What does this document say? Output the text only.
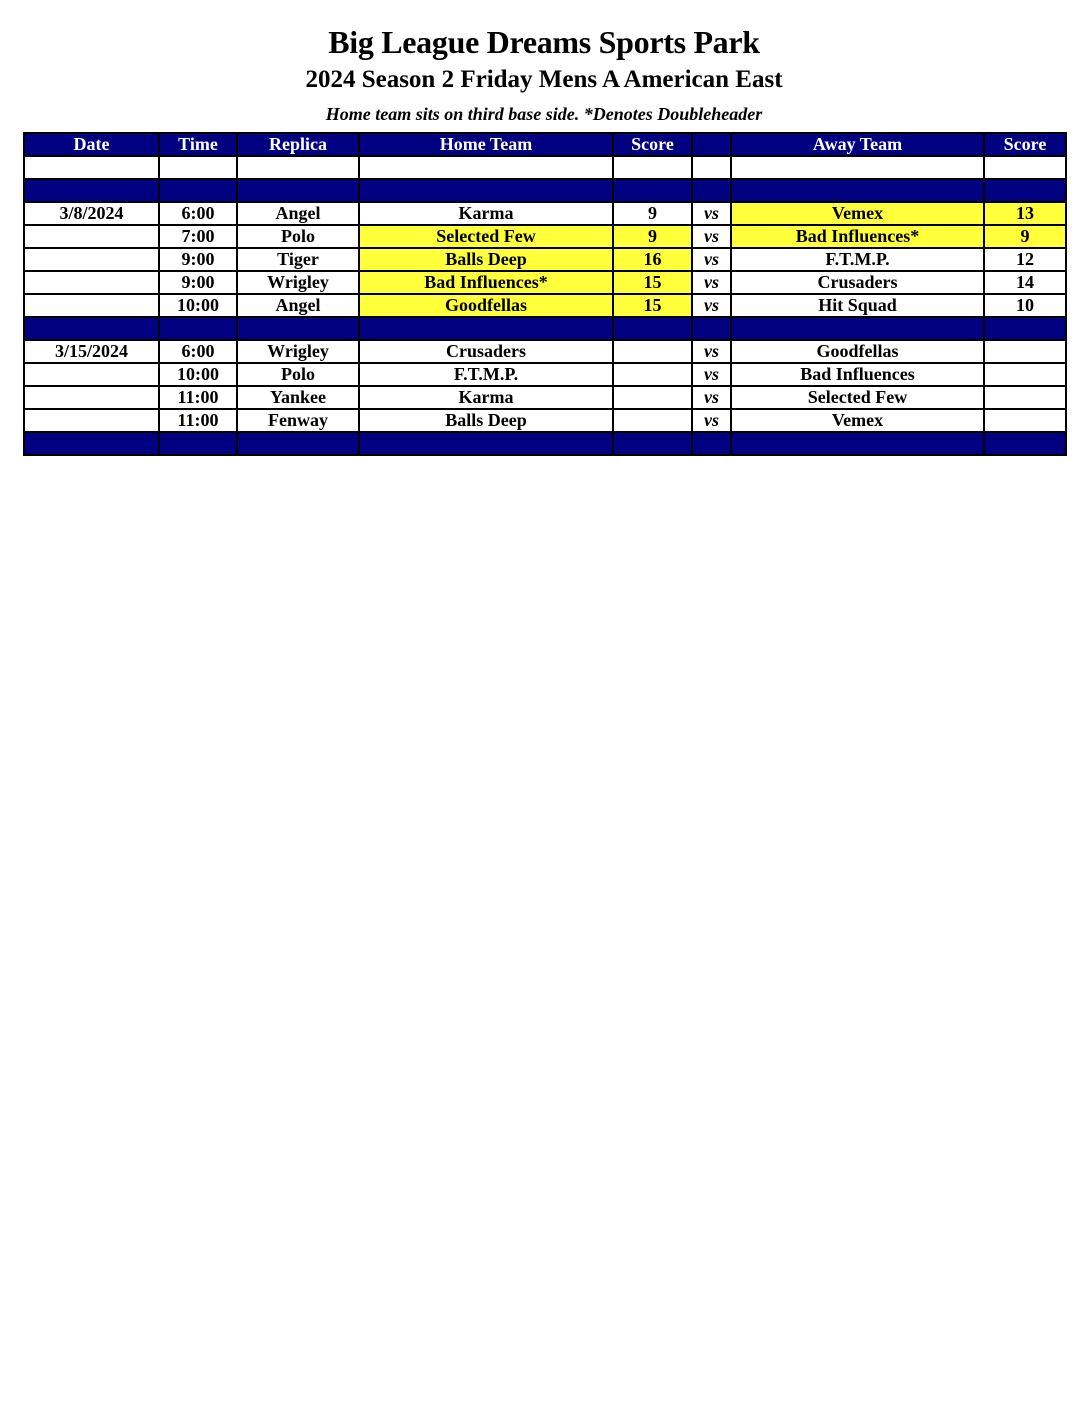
Big League Dreams Sports Park
2024 Season 2 Friday Mens A American East
Home team sits on third base side. *Denotes Doubleheader
Date	Time	Replica	Home Team	Score		Away Team	Score

3/8/2024	6:00	Angel	Karma	9	vs	Vemex	13
	7:00	Polo	Selected Few	9	vs	Bad Influences*	9
	9:00	Tiger	Balls Deep	16	vs	F.T.M.P.	12
	9:00	Wrigley	Bad Influences*	15	vs	Crusaders	14
	10:00	Angel	Goodfellas	15	vs	Hit Squad	10

3/15/2024	6:00	Wrigley	Crusaders		vs	Goodfellas	
	10:00	Polo	F.T.M.P.		vs	Bad Influences	
	11:00	Yankee	Karma		vs	Selected Few	
	11:00	Fenway	Balls Deep		vs	Vemex	
